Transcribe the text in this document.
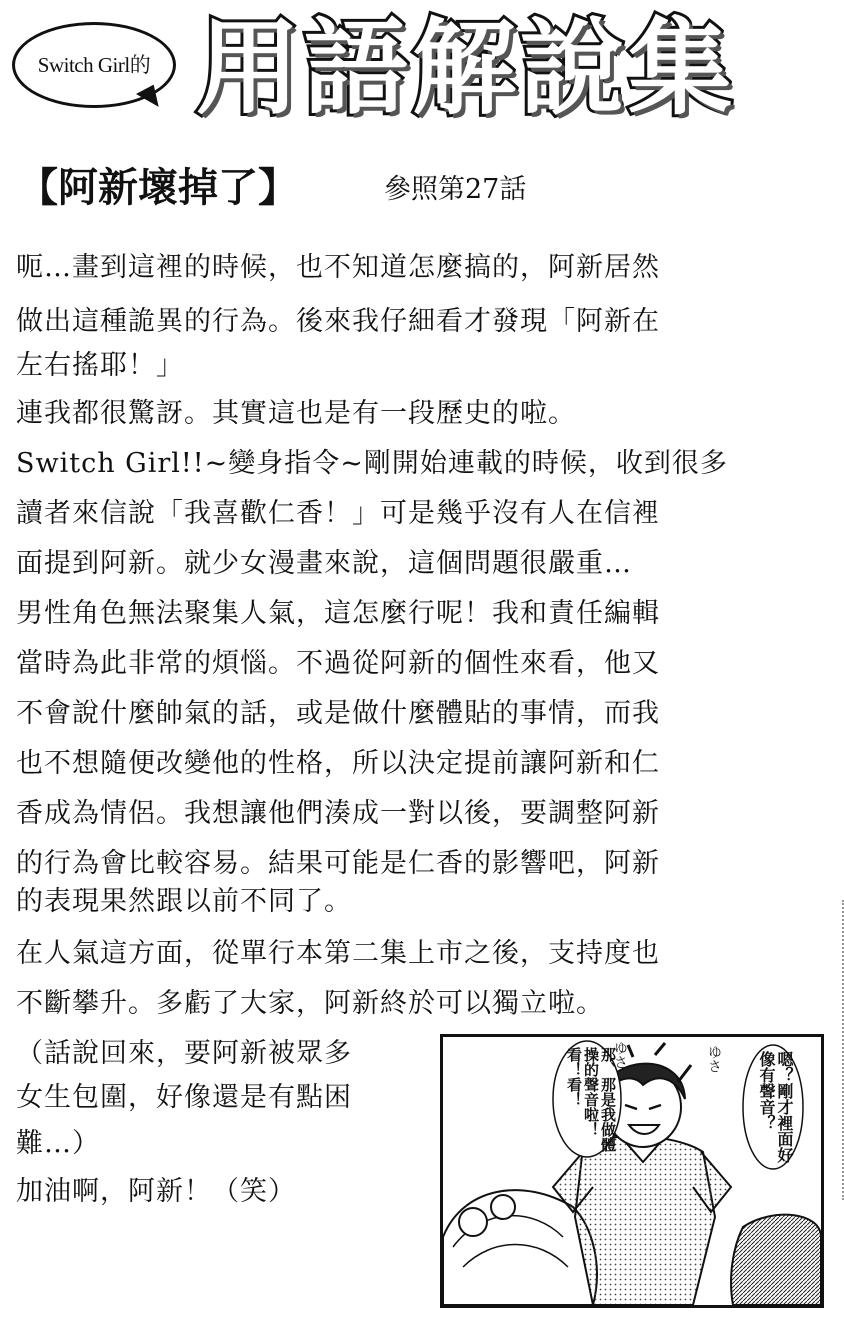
Switch Girl的 用語解說集
【阿新壞掉了】	參照第27話
呃…畫到這裡的時候，也不知道怎麼搞的，阿新居然
做出這種詭異的行為。後來我仔細看才發現「阿新在
左右搖耶！」
連我都很驚訝。其實這也是有一段歷史的啦。
Switch Girl!!~變身指令~剛開始連載的時候，收到很多
讀者來信說「我喜歡仁香！」可是幾乎沒有人在信裡
面提到阿新。就少女漫畫來說，這個問題很嚴重…
男性角色無法聚集人氣，這怎麼行呢！我和責任編輯
當時為此非常的煩惱。不過從阿新的個性來看，他又
不會說什麼帥氣的話，或是做什麼體貼的事情，而我
也不想隨便改變他的性格，所以決定提前讓阿新和仁
香成為情侶。我想讓他們湊成一對以後，要調整阿新
的行為會比較容易。結果可能是仁香的影響吧，阿新
的表現果然跟以前不同了。
在人氣這方面，從單行本第二集上市之後，支持度也
不斷攀升。多虧了大家，阿新終於可以獨立啦。
（話說回來，要阿新被眾多
女生包圍，好像還是有點困
難…）
加油啊，阿新！（笑）
嗯？剛才裡面好像有聲音？
那、那是我做體操的聲音啦！看！看！	ゆさ	ゆさ
